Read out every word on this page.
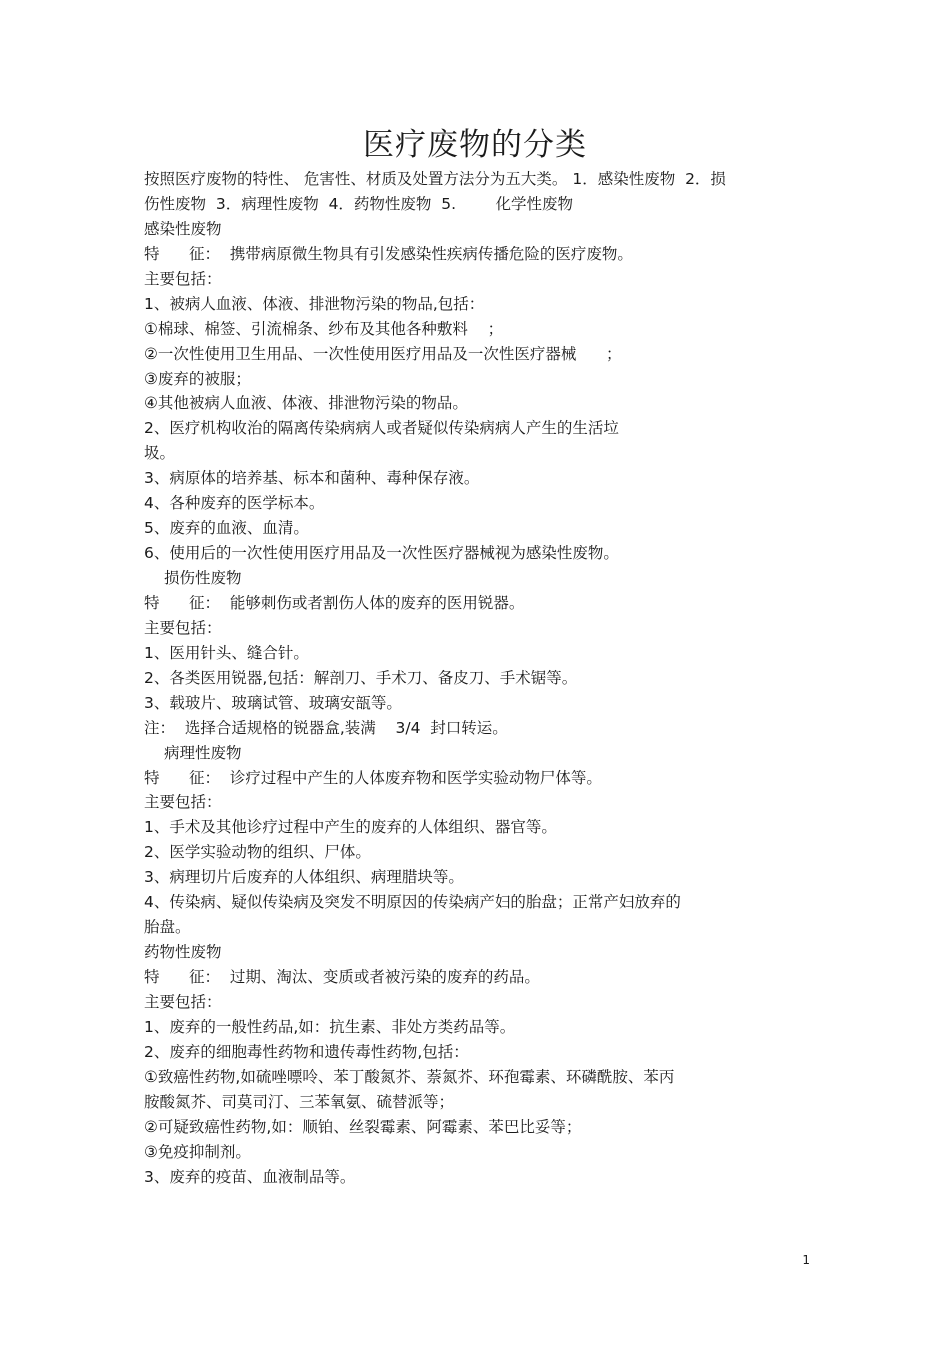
医疗废物的分类
按照医疗废物的特性、 危害性、材质及处置方法分为五大类。 1．感染性废物  2．损
伤性废物  3．病理性废物  4．药物性废物  5.        化学性废物
感染性废物
特      征：  携带病原微生物具有引发感染性疾病传播危险的医疗废物。
主要包括：
1、被病人血液、体液、排泄物污染的物品,包括：
①棉球、棉签、引流棉条、纱布及其他各种敷料    ；
②一次性使用卫生用品、一次性使用医疗用品及一次性医疗器械      ；
③废弃的被服；
④其他被病人血液、体液、排泄物污染的物品。
2、医疗机构收治的隔离传染病病人或者疑似传染病病人产生的生活垃
圾。
3、病原体的培养基、标本和菌种、毒种保存液。
4、各种废弃的医学标本。
5、废弃的血液、血清。
6、使用后的一次性使用医疗用品及一次性医疗器械视为感染性废物。
损伤性废物
特      征：  能够刺伤或者割伤人体的废弃的医用锐器。
主要包括：
1、医用针头、缝合针。
2、各类医用锐器,包括：解剖刀、手术刀、备皮刀、手术锯等。
3、载玻片、玻璃试管、玻璃安瓿等。
注：  选择合适规格的锐器盒,装满    3/4  封口转运。
病理性废物
特      征：  诊疗过程中产生的人体废弃物和医学实验动物尸体等。
主要包括：
1、手术及其他诊疗过程中产生的废弃的人体组织、器官等。
2、医学实验动物的组织、尸体。
3、病理切片后废弃的人体组织、病理腊块等。
4、传染病、疑似传染病及突发不明原因的传染病产妇的胎盘；正常产妇放弃的
胎盘。
药物性废物
特      征：  过期、淘汰、变质或者被污染的废弃的药品。
主要包括：
1、废弃的一般性药品,如：抗生素、非处方类药品等。
2、废弃的细胞毒性药物和遗传毒性药物,包括：
①致癌性药物,如硫唑嘌呤、苯丁酸氮芥、萘氮芥、环孢霉素、环磷酰胺、苯丙
胺酸氮芥、司莫司汀、三苯氧氨、硫替派等；
②可疑致癌性药物,如：顺铂、丝裂霉素、阿霉素、苯巴比妥等；
③免疫抑制剂。
3、废弃的疫苗、血液制品等。
1
